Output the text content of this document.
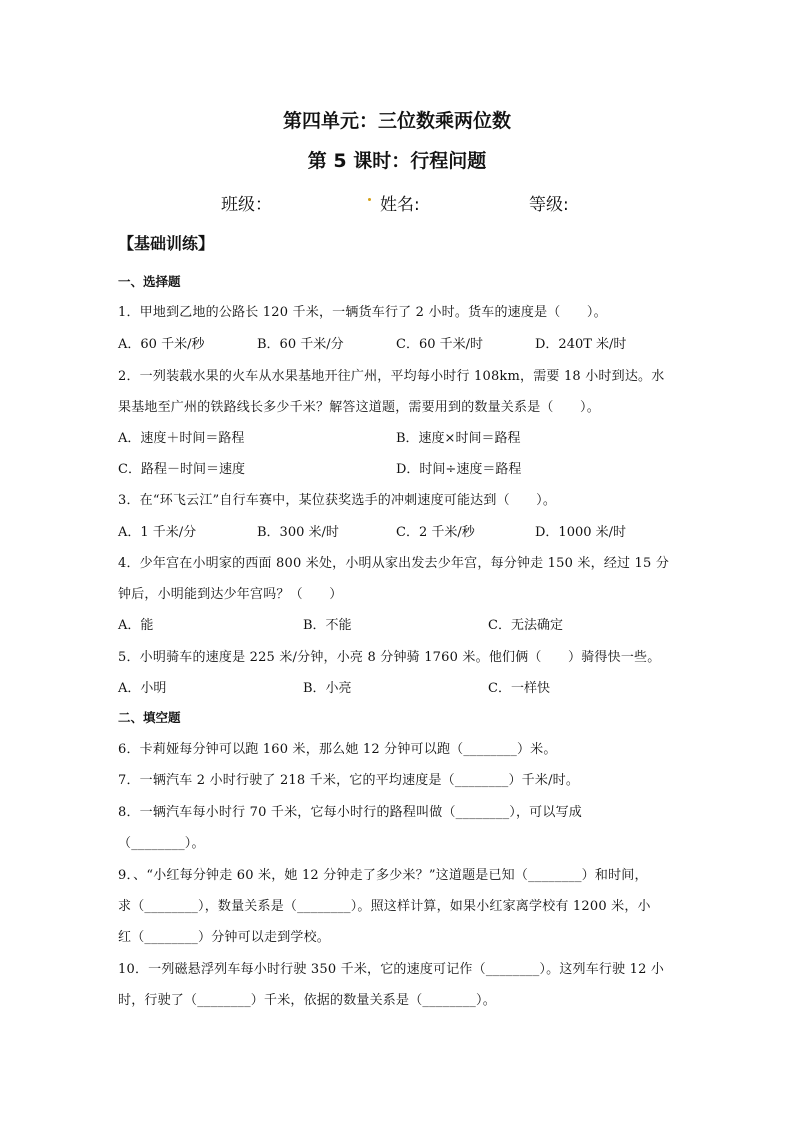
第四单元：三位数乘两位数
第 5 课时：行程问题
班级：	姓名:	等级:
【基础训练】
一、选择题
1．甲地到乙地的公路长 120 千米，一辆货车行了 2 小时。货车的速度是（　　）。
A．60 千米/秒	B．60 千米/分	C．60 千米/时	D．240T 米/时
2．一列装载水果的火车从水果基地开往广州，平均每小时行 108km，需要 18 小时到达。水
果基地至广州的铁路线长多少千米？解答这道题，需要用到的数量关系是（　　）。
A．速度＋时间＝路程	B．速度×时间＝路程
C．路程－时间＝速度	D．时间÷速度＝路程
3．在“环飞云江”自行车赛中，某位获奖选手的冲刺速度可能达到（　　）。
A．1 千米/分	B．300 米/时	C．2 千米/秒	D．1000 米/时
4．少年宫在小明家的西面 800 米处，小明从家出发去少年宫，每分钟走 150 米，经过 15 分
钟后，小明能到达少年宫吗？（　　）
A．能	B．不能	C．无法确定
5．小明骑车的速度是 225 米/分钟，小亮 8 分钟骑 1760 米。他们俩（　　）骑得快一些。
A．小明	B．小亮	C．一样快
二、填空题
6．卡莉娅每分钟可以跑 160 米，那么她 12 分钟可以跑（________）米。
7．一辆汽车 2 小时行驶了 218 千米，它的平均速度是（________）千米/时。
8．一辆汽车每小时行 70 千米，它每小时行的路程叫做（________），可以写成
（________）。
9．、“小红每分钟走 60 米，她 12 分钟走了多少米？”这道题是已知（________）和时间，
求（________），数量关系是（________）。照这样计算，如果小红家离学校有 1200 米，小
红（________）分钟可以走到学校。
10．一列磁悬浮列车每小时行驶 350 千米，它的速度可记作（________）。这列车行驶 12 小
时，行驶了（________）千米，依据的数量关系是（________）。
